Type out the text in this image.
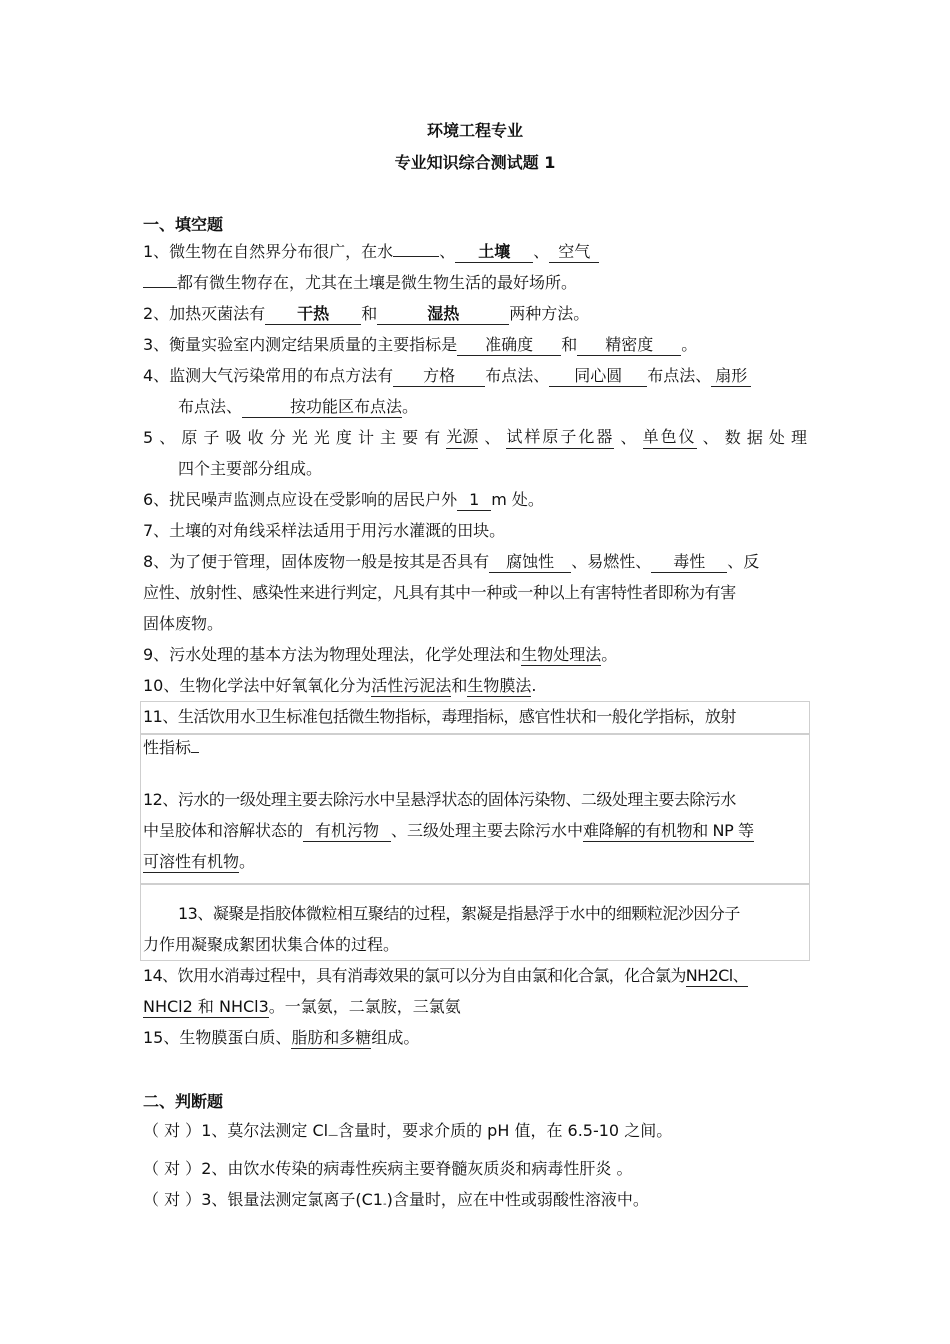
环境工程专业
专业知识综合测试题 1
一、填空题
1、微生物在自然界分布很广，在水	、 土壤 、 空气
都有微生物存在，尤其在土壤是微生物生活的最好场所。
2、加热灭菌法有 干热 和	湿热	两种方法。
3、衡量实验室内测定结果质量的主要指标是 准确度 和 精密度 。
4、监测大气污染常用的布点方法有 方格 布点法、 同心圆 布点法、 扇形
布点法、	按功能区布点法。
5 、 原 子 吸 收 分 光 光 度 计 主 要 有 光源 、 试样原子化器 、 单色仪 、 数 据 处 理
四个主要部分组成。
6、扰民噪声监测点应设在受影响的居民户外 1 m 处。
7、土壤的对角线采样法适用于用污水灌溉的田块。
8、为了便于管理，固体废物一般是按其是否具有 腐蚀性 、易燃性、 毒性 、反
应性、放射性、感染性来进行判定，凡具有其中一种或一种以上有害特性者即称为有害
固体废物。
9、污水处理的基本方法为物理处理法，化学处理法和生物处理法。
10、生物化学法中好氧氧化分为活性污泥法和生物膜法.
11、生活饮用水卫生标准包括微生物指标，毒理指标，感官性状和一般化学指标，放射
性指标
12、污水的一级处理主要去除污水中呈悬浮状态的固体污染物、二级处理主要去除污水
中呈胶体和溶解状态的 有机污物 、三级处理主要去除污水中难降解的有机物和 NP 等
可溶性有机物。
13、凝聚是指胶体微粒相互聚结的过程，絮凝是指悬浮于水中的细颗粒泥沙因分子
力作用凝聚成絮团状集合体的过程。
14、饮用水消毒过程中，具有消毒效果的氯可以分为自由氯和化合氯，化合氯为NH2Cl、
NHCl2 和 NHCl3。一氯氨，二氯胺，三氯氨
15、生物膜蛋白质、脂肪和多糖组成。
二、判断题
（ 对 ）1、莫尔法测定 $Cl_—$含量时，要求介质的 pH 值，在 6.5-10 之间。
（ 对 ）2、由饮水传染的病毒性疾病主要脊髓灰质炎和病毒性肝炎 。
（ 对 ）3、银量法测定氯离子$(C1_-)$含量时，应在中性或弱酸性溶液中。
